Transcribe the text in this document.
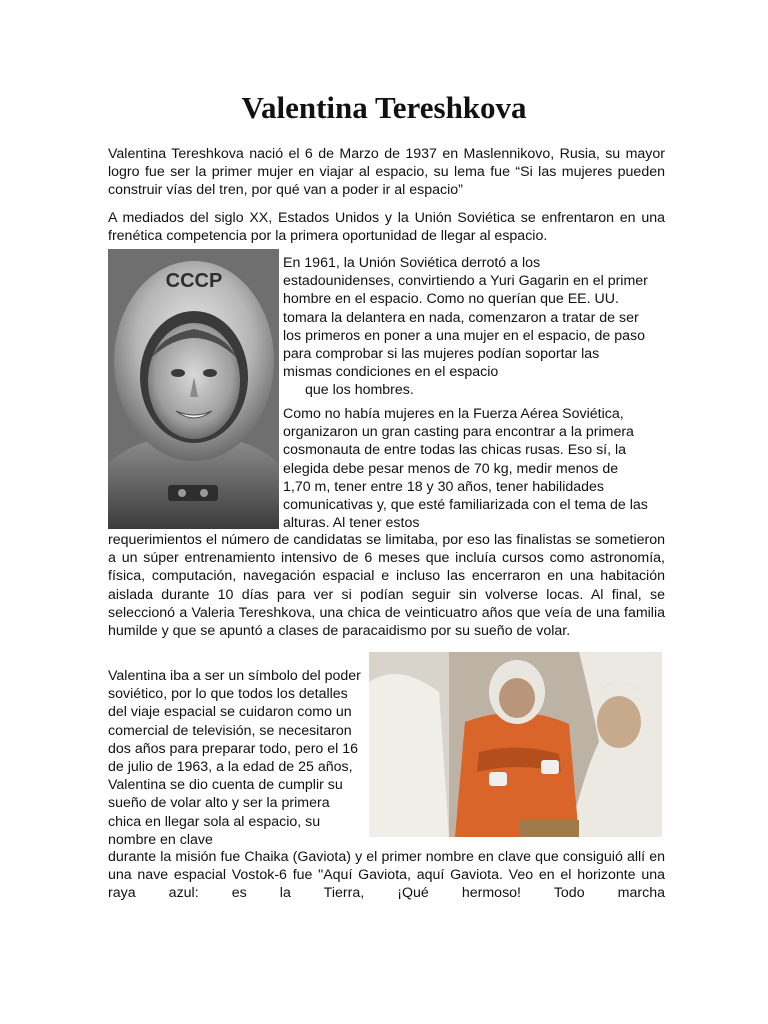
Valentina Tereshkova

Valentina Tereshkova nació el 6 de Marzo de 1937 en Maslennikovo, Rusia, su mayor logro fue ser la primer mujer en viajar al espacio, su lema fue “Si las mujeres pueden construir vías del tren, por qué van a poder ir al espacio”

A mediados del siglo XX, Estados Unidos y la Unión Soviética se enfrentaron en una frenética competencia por la primera oportunidad de llegar al espacio.

CCCP

En 1961, la Unión Soviética derrotó a los estadounidenses, convirtiendo a Yuri Gagarin en el primer hombre en el espacio. Como no querían que EE. UU. tomara la delantera en nada, comenzaron a tratar de ser los primeros en poner a una mujer en el espacio, de paso para comprobar si las mujeres podían soportar las mismas condiciones en el espacio
que los hombres.

Como no había mujeres en la Fuerza Aérea Soviética, organizaron un gran casting para encontrar a la primera cosmonauta de entre todas las chicas rusas. Eso sí, la elegida debe pesar menos de 70 kg, medir menos de 1,70 m, tener entre 18 y 30 años, tener habilidades comunicativas y, que esté familiarizada con el tema de las alturas. Al tener estos

requerimientos el número de candidatas se limitaba, por eso las finalistas se sometieron a un súper entrenamiento intensivo de 6 meses que incluía cursos como astronomía, física, computación, navegación espacial e incluso las encerraron en una habitación aislada durante 10 días para ver si podían seguir sin volverse locas. Al final, se seleccionó a Valeria Tereshkova, una chica de veinticuatro años que veía de una familia humilde y que se apuntó a clases de paracaidismo por su sueño de volar.

Valentina iba a ser un símbolo del poder soviético, por lo que todos los detalles del viaje espacial se cuidaron como un comercial de televisión, se necesitaron dos años para preparar todo, pero el 16 de julio de 1963, a la edad de 25 años, Valentina se dio cuenta de cumplir su sueño de volar alto y ser la primera chica en llegar sola al espacio, su nombre en clave

durante la misión fue Chaika (Gaviota) y el primer nombre en clave que consiguió allí en una nave espacial Vostok-6 fue "Aquí Gaviota, aquí Gaviota. Veo en el horizonte una raya azul: es la Tierra, ¡Qué hermoso! Todo marcha
